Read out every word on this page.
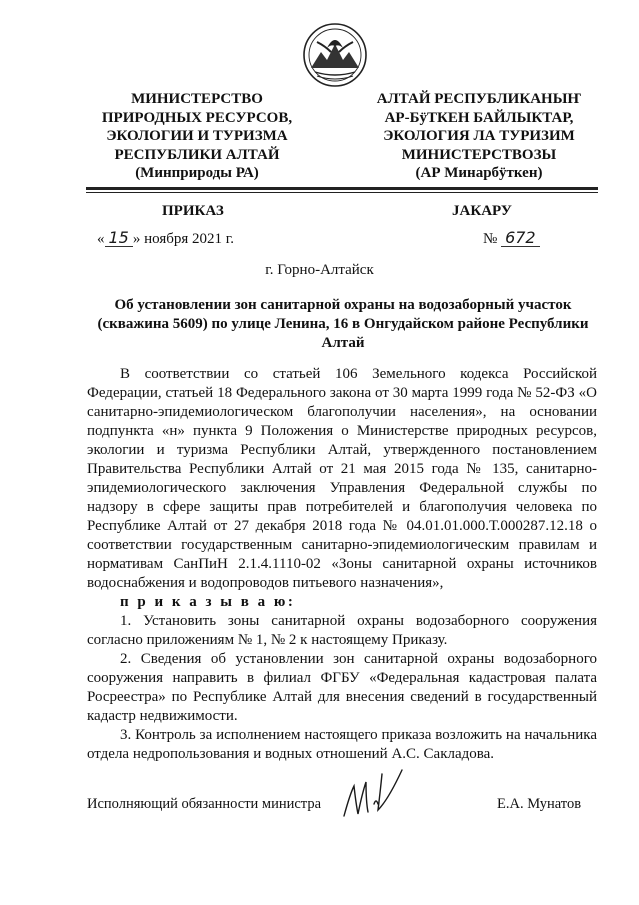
МИНИСТЕРСТВО
ПРИРОДНЫХ РЕСУРСОВ,
ЭКОЛОГИИ И ТУРИЗМА
РЕСПУБЛИКИ АЛТАЙ
(Минприроды РА)
АЛТАЙ РЕСПУБЛИКАНЫҤ
АР-БÿТКЕН БАЙЛЫКТАР,
ЭКОЛОГИЯ ЛА ТУРИЗИМ
МИНИСТЕРСТВОЗЫ
(АР Минарбÿткен)
ПРИКАЗ	JАКАРУ
« 15 » ноября 2021 г.	№ 672
г. Горно-Алтайск
Об установлении зон санитарной охраны на водозаборный участок (скважина 5609) по улице Ленина, 16 в Онгудайском районе Республики Алтай

В соответствии со статьей 106 Земельного кодекса Российской Федерации, статьей 18 Федерального закона от 30 марта 1999 года № 52-ФЗ «О санитарно-эпидемиологическом благополучии населения», на основании подпункта «н» пункта 9 Положения о Министерстве природных ресурсов, экологии и туризма Республики Алтай, утвержденного постановлением Правительства Республики Алтай от 21 мая 2015 года № 135, санитарно-эпидемиологического заключения Управления Федеральной службы по надзору в сфере защиты прав потребителей и благополучия человека по Республике Алтай от 27 декабря 2018 года № 04.01.01.000.Т.000287.12.18 о соответствии государственным санитарно-эпидемиологическим правилам и нормативам СанПиН 2.1.4.1110-02 «Зоны санитарной охраны источников водоснабжения и водопроводов питьевого назначения»,

п р и к а з ы в а ю:

1. Установить зоны санитарной охраны водозаборного сооружения согласно приложениям № 1, № 2 к настоящему Приказу.

2. Сведения об установлении зон санитарной охраны водозаборного сооружения направить в филиал ФГБУ «Федеральная кадастровая палата Росреестра» по Республике Алтай для внесения сведений в государственный кадастр недвижимости.

3. Контроль за исполнением настоящего приказа возложить на начальника отдела недропользования и водных отношений А.С. Сакладова.

Исполняющий обязанности министра	Е.А. Мунатов
